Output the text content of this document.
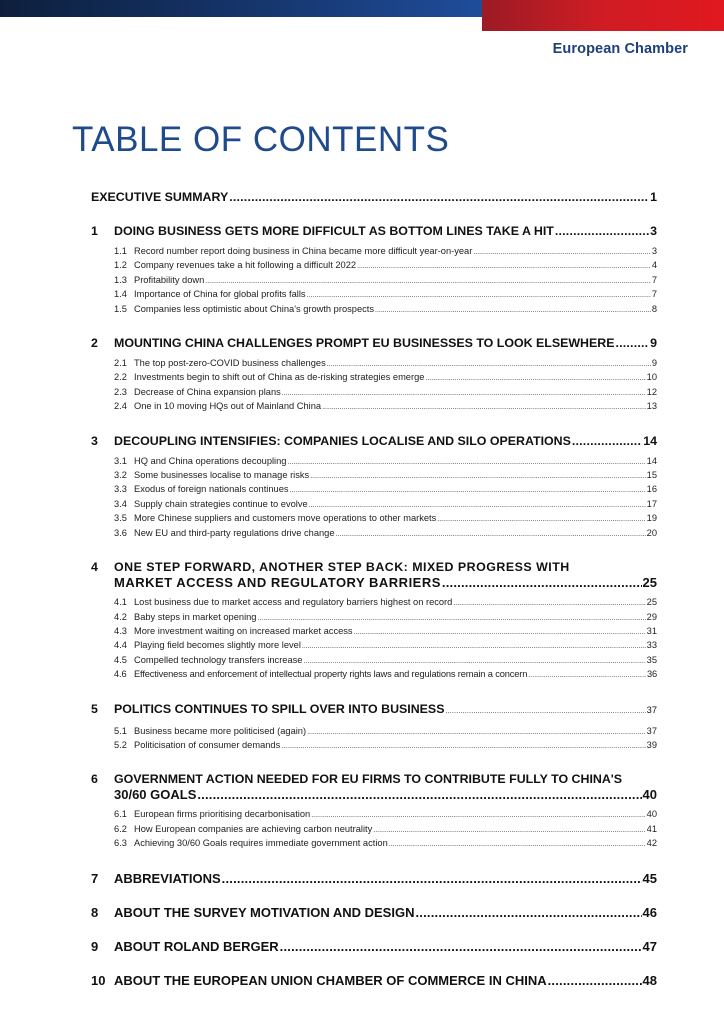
European Chamber
TABLE OF CONTENTS
EXECUTIVE SUMMARY .....	1
1	DOING BUSINESS GETS MORE DIFFICULT AS BOTTOM LINES TAKE A HIT .....	3
1.1 Record number report doing business in China became more difficult year-on-year .....	3
1.2 Company revenues take a hit following a difficult 2022 .....	4
1.3 Profitability down .....	7
1.4 Importance of China for global profits falls .....	7
1.5 Companies less optimistic about China's growth prospects .....	8
2	MOUNTING CHINA CHALLENGES PROMPT EU BUSINESSES TO LOOK ELSEWHERE .....	9
2.1 The top post-zero-COVID business challenges .....	9
2.2 Investments begin to shift out of China as de-risking strategies emerge .....	10
2.3 Decrease of China expansion plans .....	12
2.4 One in 10 moving HQs out of Mainland China .....	13
3	DECOUPLING INTENSIFIES: COMPANIES LOCALISE AND SILO OPERATIONS .....	14
3.1 HQ and China operations decoupling .....	14
3.2 Some businesses localise to manage risks .....	15
3.3 Exodus of foreign nationals continues .....	16
3.4 Supply chain strategies continue to evolve .....	17
3.5 More Chinese suppliers and customers move operations to other markets .....	19
3.6 New EU and third-party regulations drive change .....	20
4	ONE STEP FORWARD, ANOTHER STEP BACK: MIXED PROGRESS WITH
MARKET ACCESS AND REGULATORY BARRIERS .....	25
4.1 Lost business due to market access and regulatory barriers highest on record .....	25
4.2 Baby steps in market opening .....	29
4.3 More investment waiting on increased market access .....	31
4.4 Playing field becomes slightly more level .....	33
4.5 Compelled technology transfers increase .....	35
4.6 Effectiveness and enforcement of intellectual property rights laws and regulations remain a concern .....	36
5	POLITICS CONTINUES TO SPILL OVER INTO BUSINESS .....	37
5.1 Business became more politicised (again) .....	37
5.2 Politicisation of consumer demands .....	39
6	GOVERNMENT ACTION NEEDED FOR EU FIRMS TO CONTRIBUTE FULLY TO CHINA'S
30/60 GOALS .....	40
6.1 European firms prioritising decarbonisation .....	40
6.2 How European companies are achieving carbon neutrality .....	41
6.3 Achieving 30/60 Goals requires immediate government action .....	42
7	ABBREVIATIONS .....	45
8	ABOUT THE SURVEY MOTIVATION AND DESIGN .....	46
9	ABOUT ROLAND BERGER .....	47
10 ABOUT THE EUROPEAN UNION CHAMBER OF COMMERCE IN CHINA .....	48
